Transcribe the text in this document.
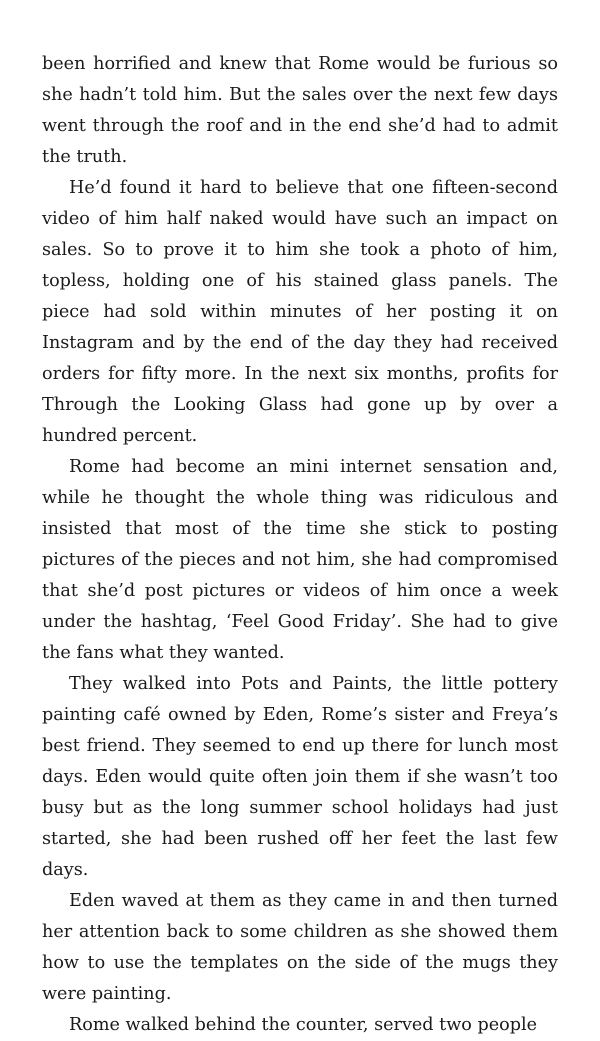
been horrified and knew that Rome would be furious so she hadn’t told him. But the sales over the next few days went through the roof and in the end she’d had to admit the truth.

He’d found it hard to believe that one fifteen-second video of him half naked would have such an impact on sales. So to prove it to him she took a photo of him, topless, holding one of his stained glass panels. The piece had sold within minutes of her posting it on Instagram and by the end of the day they had received orders for fifty more. In the next six months, profits for Through the Looking Glass had gone up by over a hundred percent.

Rome had become an mini internet sensation and, while he thought the whole thing was ridiculous and insisted that most of the time she stick to posting pictures of the pieces and not him, she had compromised that she’d post pictures or videos of him once a week under the hashtag, ‘Feel Good Friday’. She had to give the fans what they wanted.

They walked into Pots and Paints, the little pottery painting café owned by Eden, Rome’s sister and Freya’s best friend. They seemed to end up there for lunch most days. Eden would quite often join them if she wasn’t too busy but as the long summer school holidays had just started, she had been rushed off her feet the last few days.

Eden waved at them as they came in and then turned her attention back to some children as she showed them how to use the templates on the side of the mugs they were painting.

Rome walked behind the counter, served two people
